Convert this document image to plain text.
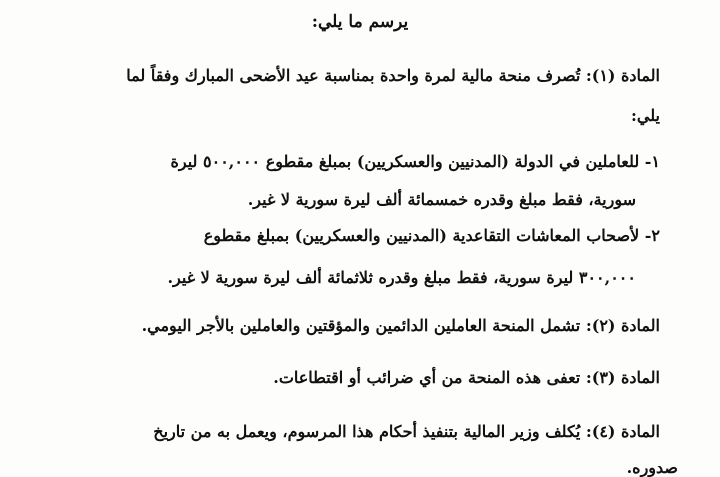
يرسم ما يلي:
المادة (١): تُصرف منحة مالية لمرة واحدة بمناسبة عيد الأضحى المبارك وفقاً لما
يلي:
١- للعاملين في الدولة (المدنيين والعسكريين) بمبلغ مقطوع ٥٠٠,٠٠٠ ليرة
سورية، فقط مبلغ وقدره خمسمائة ألف ليرة سورية لا غير.
٢- لأصحاب المعاشات التقاعدية (المدنيين والعسكريين) بمبلغ مقطوع
٣٠٠,٠٠٠ ليرة سورية، فقط مبلغ وقدره ثلاثمائة ألف ليرة سورية لا غير.
المادة (٢): تشمل المنحة العاملين الدائمين والمؤقتين والعاملين بالأجر اليومي.
المادة (٣): تعفى هذه المنحة من أي ضرائب أو اقتطاعات.
المادة (٤): يُكلف وزير المالية بتنفيذ أحكام هذا المرسوم، ويعمل به من تاريخ
صدوره.
